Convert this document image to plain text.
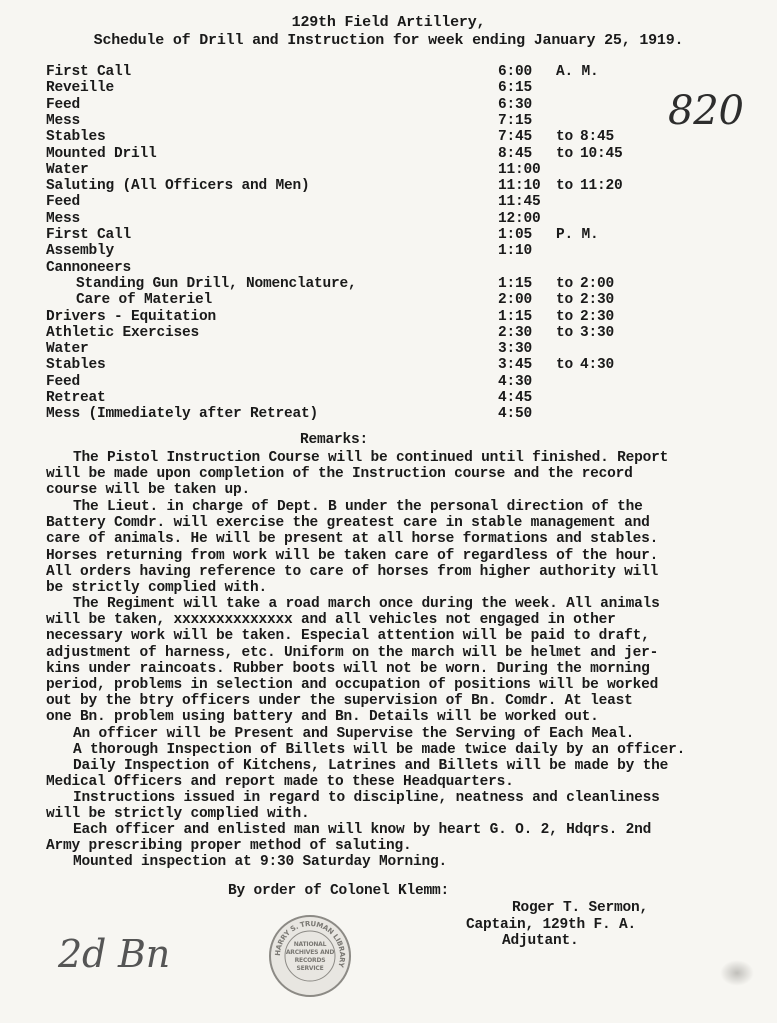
129th Field Artillery,
Schedule of Drill and Instruction for week ending January 25, 1919.
First Call	6:00 A. M.
Reveille	6:15
Feed	6:30
Mess	7:15
Stables	7:45 to 8:45
Mounted Drill	8:45 to 10:45
Water	11:00
Saluting (All Officers and Men)	11:10 to 11:20
Feed	11:45
Mess	12:00
First Call	1:05 P. M.
Assembly	1:10
Cannoneers
Standing Gun Drill, Nomenclature,	1:15 to 2:00
Care of Materiel	2:00 to 2:30
Drivers - Equitation	1:15 to 2:30
Athletic Exercises	2:30 to 3:30
Water	3:30
Stables	3:45 to 4:30
Feed	4:30
Retreat	4:45
Mess (Immediately after Retreat)	4:50
Remarks:
The Pistol Instruction Course will be continued until finished. Report
will be made upon completion of the Instruction course and the record
course will be taken up.
The Lieut. in charge of Dept. B under the personal direction of the
Battery Comdr. will exercise the greatest care in stable management and
care of animals. He will be present at all horse formations and stables.
Horses returning from work will be taken care of regardless of the hour.
All orders having reference to care of horses from higher authority will
be strictly complied with.
The Regiment will take a road march once during the week. All animals
will be taken, xxxxxxxxxxxxxx and all vehicles not engaged in other
necessary work will be taken. Especial attention will be paid to draft,
adjustment of harness, etc. Uniform on the march will be helmet and jer-
kins under raincoats. Rubber boots will not be worn. During the morning
period, problems in selection and occupation of positions will be worked
out by the btry officers under the supervision of Bn. Comdr. At least
one Bn. problem using battery and Bn. Details will be worked out.
An officer will be Present and Supervise the Serving of Each Meal.
A thorough Inspection of Billets will be made twice daily by an officer.
Daily Inspection of Kitchens, Latrines and Billets will be made by the
Medical Officers and report made to these Headquarters.
Instructions issued in regard to discipline, neatness and cleanliness
will be strictly complied with.
Each officer and enlisted man will know by heart G. O. 2, Hdqrs. 2nd
Army prescribing proper method of saluting.
Mounted inspection at 9:30 Saturday Morning.
By order of Colonel Klemm:
Roger T. Sermon,
Captain, 129th F. A.
Adjutant.
820
2d Bn	HARRY S. TRUMAN LIBRARY
NATIONAL
ARCHIVES AND
RECORDS
SERVICE
